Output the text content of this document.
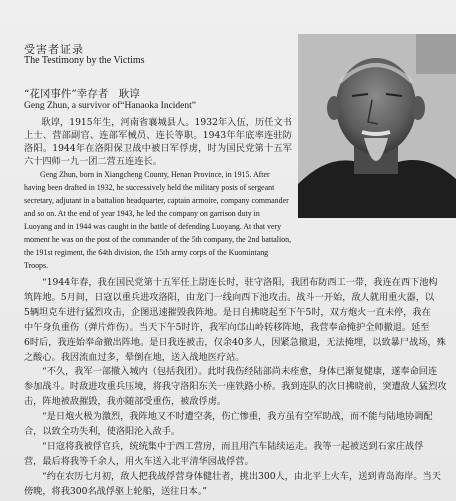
受害者证录
The Testimony by the Victims
“花冈事件”幸存者　耿谆
Geng Zhun, a survivor of“Hanaoka Incident”
耿谆，1915年生，河南省襄城县人。1932年入伍，历任文书上士、营部副官、连部军械员、连长等职。1943年年底率连驻防洛阳。1944年在洛阳保卫战中被日军俘虏，时为国民党第十五军六十四师一九一团二营五连连长。
Geng Zhun, born in Xiangcheng County, Henan Province, in 1915. After
having been drafted in 1932, he successively held the military posts of sergeant
secretary, adjutant in a battalion headquarter, captain armoire, company commander
and so on. At the end of year 1943, he led the company on garrison duty in
Luoyang and in 1944 was caught in the battle of defending Luoyang. At that very
moment he was on the post of the commander of the 5th company, the 2nd battalion,
the 191st regiment, the 64th division, the 15th army corps of the Kuomintang
Troops.
“1944年春，我在国民党第十五军任上尉连长时，驻守洛阳，我团布防西工一带，我连在西下池构
筑阵地。5月间，日寇以重兵进攻洛阳，由龙门一线向西下池攻击。战斗一开始，敌人就用重火器，以
5辆坦克车进行猛烈攻击，企图迅速摧毁我阵地。是日自拂晓起至下午5时，双方炮火一直未停，我在
中午身负重伤（弹片炸伤）。当天下午5时许，我军向邙山岭转移阵地，我营奉命掩护全师撤退。延至
6时后，我连始奉命撤出阵地。是日我连被击，仅余40多人，因紧急撤退，无法掩埋，以致暴尸战场，殊
之酸心。我因流血过多，晕倒在地，送入战地医疗站。
“不久，我军一部撤入城内（包括我团）。此时我伤经陆部尚未痊愈，身体已渐复健康，遂奉命回连
参加战斗。时敌进攻重兵压境，将我守洛阳东关一座铁路小桥。我到连队的次日拂晓前，突遭敌人猛烈攻
击，阵地被敌摧毁，我亦随部受重伤，被敌俘虏。
“是日炮火极为激烈，我阵地又不时遭空袭，伤亡惨重，我方虽有空军助战，而不能与陆地协调配
合，以致全功失利，使洛阳沦入敌手。
“日寇将我被俘官兵，统统集中于西工营房，而且用汽车陆续运走。我等一起被送到石家庄战俘
营，最后将我等千余人，用火车送入北平清华园战俘营。
“约在农历七月初，敌人把我战俘营身体健壮者，挑出300人，由北平上火车，送到青岛海岸。当天
傍晚，将我300名战俘驱上轮船，送往日本。”
